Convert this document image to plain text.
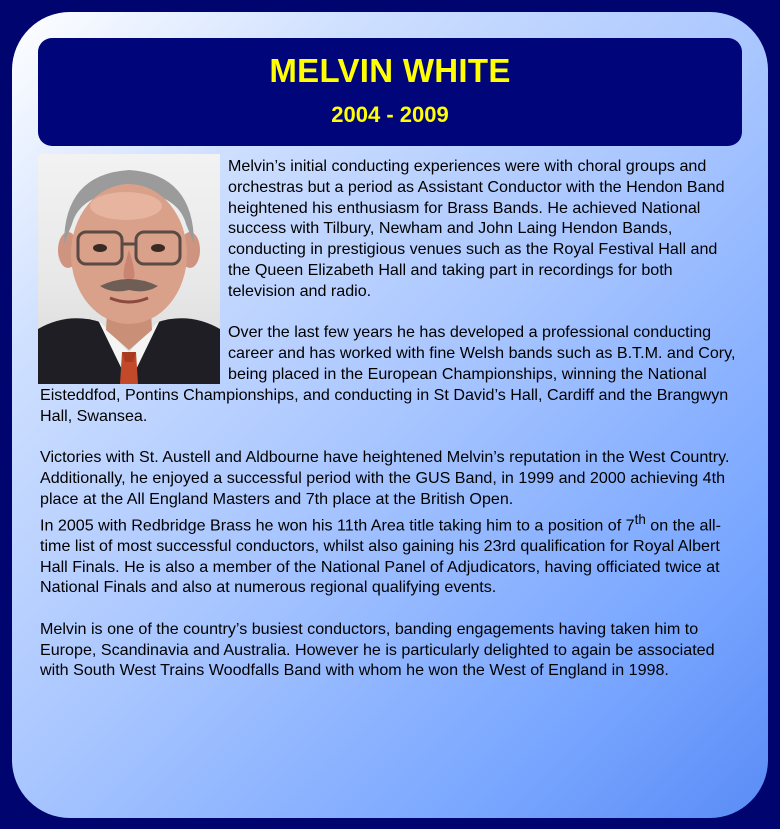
MELVIN WHITE
2004 - 2009

Melvin’s initial conducting experiences were with choral groups and orchestras but a period as Assistant Conductor with the Hendon Band heightened his enthusiasm for Brass Bands. He achieved National success with Tilbury, Newham and John Laing Hendon Bands, conducting in prestigious venues such as the Royal Festival Hall and the Queen Elizabeth Hall and taking part in recordings for both television and radio.

Over the last few years he has developed a professional conducting career and has worked with fine Welsh bands such as B.T.M. and Cory, being placed in the European Championships, winning the National Eisteddfod, Pontins Championships, and conducting in St David’s Hall, Cardiff and the Brangwyn Hall, Swansea.

Victories with St. Austell and Aldbourne have heightened Melvin’s reputation in the West Country. Additionally, he enjoyed a successful period with the GUS Band, in 1999 and 2000 achieving 4th place at the All England Masters and 7th place at the British Open.

In 2005 with Redbridge Brass he won his 11th Area title taking him to a position of 7th on the all-time list of most successful conductors, whilst also gaining his 23rd qualification for Royal Albert Hall Finals. He is also a member of the National Panel of Adjudicators, having officiated twice at National Finals and also at numerous regional qualifying events.

Melvin is one of the country’s busiest conductors, banding engagements having taken him to Europe, Scandinavia and Australia. However he is particularly delighted to again be associated with South West Trains Woodfalls Band with whom he won the West of England in 1998.
